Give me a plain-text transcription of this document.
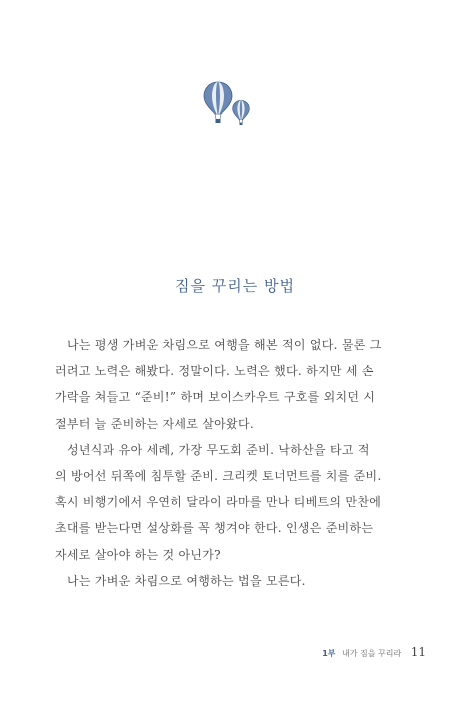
짐을 꾸리는 방법

나는 평생 가벼운 차림으로 여행을 해본 적이 없다. 물론 그
러려고 노력은 해봤다. 정말이다. 노력은 했다. 하지만 세 손
가락을 쳐들고 “준비!” 하며 보이스카우트 구호를 외치던 시
절부터 늘 준비하는 자세로 살아왔다.

성년식과 유아 세례, 가장 무도회 준비. 낙하산을 타고 적
의 방어선 뒤쪽에 침투할 준비. 크리켓 토너먼트를 치를 준비.
혹시 비행기에서 우연히 달라이 라마를 만나 티베트의 만찬에
초대를 받는다면 설상화를 꼭 챙겨야 한다. 인생은 준비하는
자세로 살아야 하는 것 아닌가?

나는 가벼운 차림으로 여행하는 법을 모른다.

1부 내가 짐을 꾸리라 11
